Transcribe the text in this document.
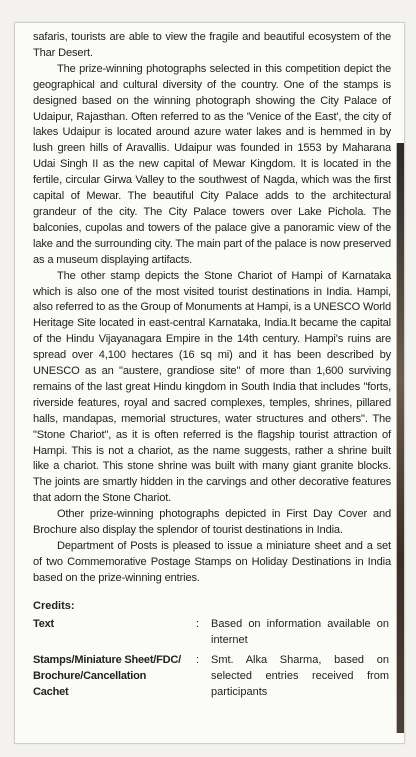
safaris, tourists are able to view the fragile and beautiful ecosystem of the Thar Desert.

The prize-winning photographs selected in this competition depict the geographical and cultural diversity of the country. One of the stamps is designed based on the winning photograph showing the City Palace of Udaipur, Rajasthan. Often referred to as the 'Venice of the East', the city of lakes Udaipur is located around azure water lakes and is hemmed in by lush green hills of Aravallis. Udaipur was founded in 1553 by Maharana Udai Singh II as the new capital of Mewar Kingdom. It is located in the fertile, circular Girwa Valley to the southwest of Nagda, which was the first capital of Mewar. The beautiful City Palace adds to the architectural grandeur of the city. The City Palace towers over Lake Pichola. The balconies, cupolas and towers of the palace give a panoramic view of the lake and the surrounding city. The main part of the palace is now preserved as a museum displaying artifacts.

The other stamp depicts the Stone Chariot of Hampi of Karnataka which is also one of the most visited tourist destinations in India. Hampi, also referred to as the Group of Monuments at Hampi, is a UNESCO World Heritage Site located in east-central Karnataka, India.It became the capital of the Hindu Vijayanagara Empire in the 14th century. Hampi's ruins are spread over 4,100 hectares (16 sq mi) and it has been described by UNESCO as an "austere, grandiose site" of more than 1,600 surviving remains of the last great Hindu kingdom in South India that includes "forts, riverside features, royal and sacred complexes, temples, shrines, pillared halls, mandapas, memorial structures, water structures and others". The "Stone Chariot", as it is often referred is the flagship tourist attraction of Hampi. This is not a chariot, as the name suggests, rather a shrine built like a chariot. This stone shrine was built with many giant granite blocks. The joints are smartly hidden in the carvings and other decorative features that adorn the Stone Chariot.

Other prize-winning photographs depicted in First Day Cover and Brochure also display the splendor of tourist destinations in India.

Department of Posts is pleased to issue a miniature sheet and a set of two Commemorative Postage Stamps on Holiday Destinations in India based on the prize-winning entries.

Credits:
Text	: Based on information available on internet
Stamps/Miniature Sheet/FDC/ Brochure/Cancellation Cachet
: Smt. Alka Sharma, based on selected entries received from participants
